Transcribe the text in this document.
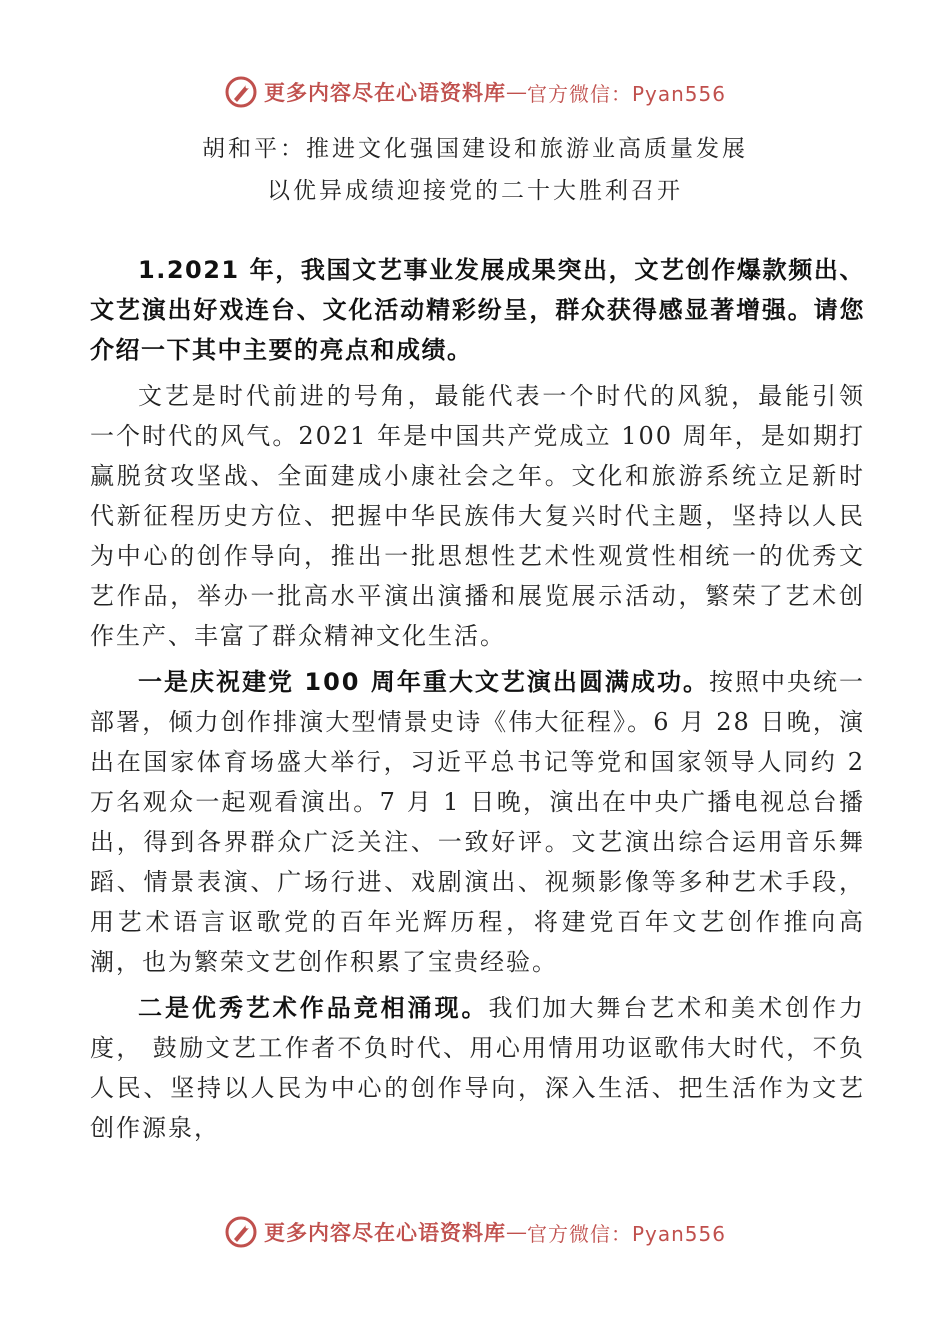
更多内容尽在心语资料库 — 官方微信：Pyan556
胡和平：推进文化强国建设和旅游业高质量发展
以优异成绩迎接党的二十大胜利召开

1.2021 年，我国文艺事业发展成果突出，文艺创作爆款频出、文艺演出好戏连台、文化活动精彩纷呈，群众获得感显著增强。请您介绍一下其中主要的亮点和成绩。

文艺是时代前进的号角，最能代表一个时代的风貌，最能引领一个时代的风气。2021 年是中国共产党成立 100 周年，是如期打赢脱贫攻坚战、全面建成小康社会之年。文化和旅游系统立足新时代新征程历史方位、把握中华民族伟大复兴时代主题，坚持以人民为中心的创作导向，推出一批思想性艺术性观赏性相统一的优秀文艺作品，举办一批高水平演出演播和展览展示活动，繁荣了艺术创作生产、丰富了群众精神文化生活。

一是庆祝建党 100 周年重大文艺演出圆满成功。按照中央统一部署，倾力创作排演大型情景史诗《伟大征程》。6 月 28 日晚，演出在国家体育场盛大举行，习近平总书记等党和国家领导人同约 2 万名观众一起观看演出。7 月 1 日晚，演出在中央广播电视总台播出，得到各界群众广泛关注、一致好评。文艺演出综合运用音乐舞蹈、情景表演、广场行进、戏剧演出、视频影像等多种艺术手段，用艺术语言讴歌党的百年光辉历程，将建党百年文艺创作推向高潮，也为繁荣文艺创作积累了宝贵经验。

二是优秀艺术作品竞相涌现。我们加大舞台艺术和美术创作力度， 鼓励文艺工作者不负时代、用心用情用功讴歌伟大时代，不负人民、坚持以人民为中心的创作导向，深入生活、把生活作为文艺创作源泉，

更多内容尽在心语资料库 — 官方微信：Pyan556
